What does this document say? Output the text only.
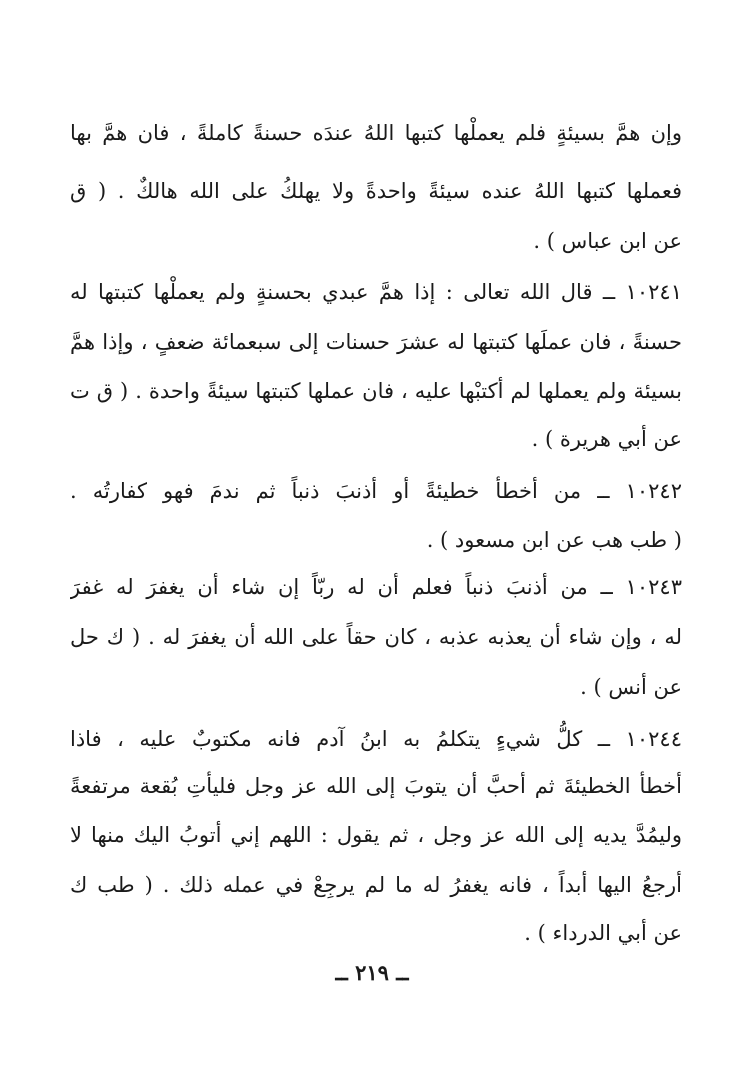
وإن همَّ بسيئةٍ فلم يعملْها كتبها اللهُ عندَه حسنةً كاملةً ، فان همَّ بها
فعملها كتبها اللهُ عنده سيئةً واحدةً ولا يهلكُ على الله هالكٌ . ( ق
عن ابن عباس ) .
١٠٢٤١ ــ قال الله تعالى : إذا همَّ عبدي بحسنةٍ ولم يعملْها كتبتها له
حسنةً ، فان عملَها كتبتها له عشرَ حسنات إلى سبعمائة ضعفٍ ، وإذا همَّ
بسيئة ولم يعملها لم أكتبْها عليه ، فان عملها كتبتها سيئةً واحدة . ( ق ت
عن أبي هريرة ) .
١٠٢٤٢ ــ من أخطأ خطيئةً أو أذنبَ ذنباً ثم ندمَ فهو كفارتُه .
( طب هب عن ابن مسعود ) .
١٠٢٤٣ ــ من أذنبَ ذنباً فعلم أن له ربّاً إن شاء أن يغفرَ له غفرَ
له ، وإن شاء أن يعذبه عذبه ، كان حقاً على الله أن يغفرَ له . ( ك حل
عن أنس ) .
١٠٢٤٤ ــ كلُّ شيءٍ يتكلمُ به ابنُ آدم فانه مكتوبٌ عليه ، فاذا
أخطأ الخطيئةَ ثم أحبَّ أن يتوبَ إلى الله عز وجل فليأتِ بُقعة مرتفعةً
وليمُدَّ يديه إلى الله عز وجل ، ثم يقول : اللهم إني أتوبُ اليك منها لا
أرجعُ اليها أبداً ، فانه يغفرُ له ما لم يرجِعْ في عمله ذلك . ( طب ك
عن أبي الدرداء ) .
ــ ٢١٩ ــ
